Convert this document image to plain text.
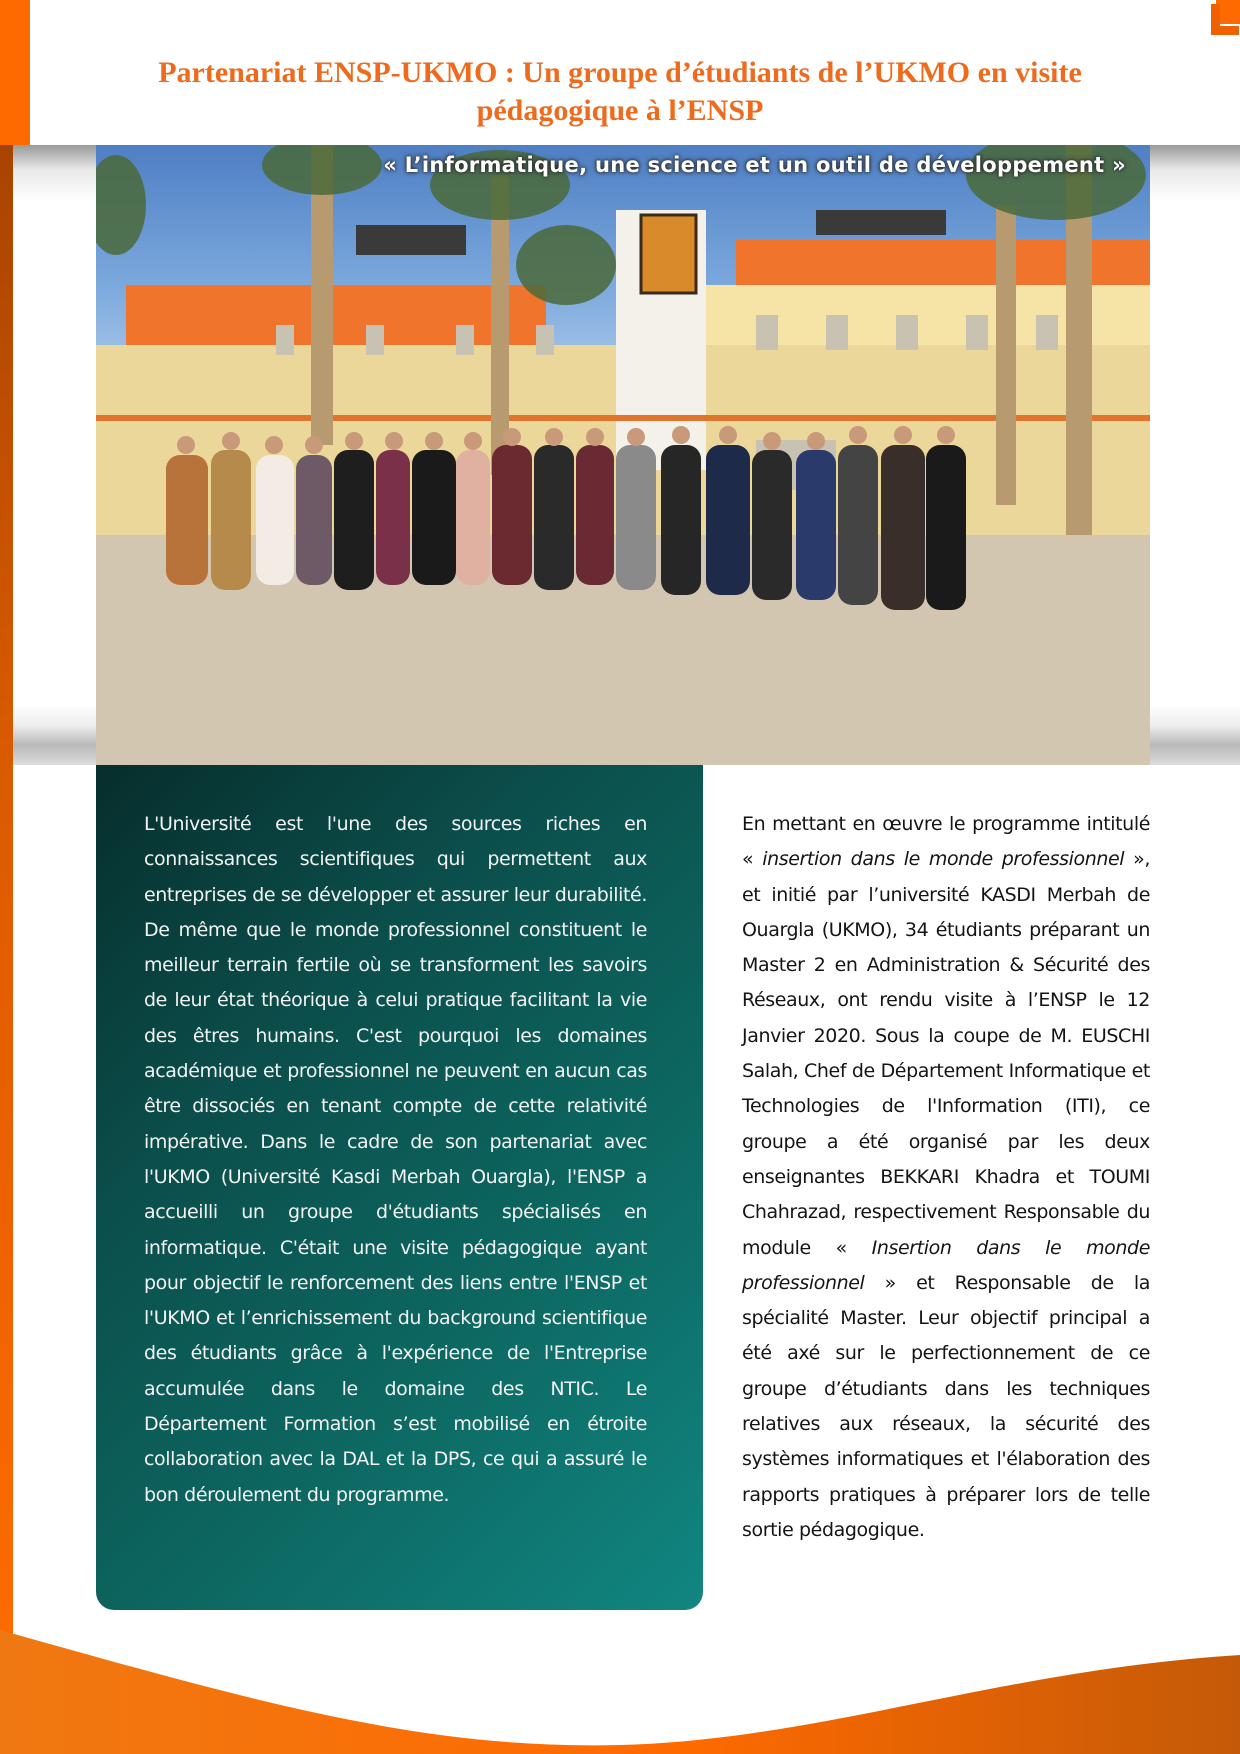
Partenariat ENSP-UKMO : Un groupe d’étudiants de l’UKMO en visite pédagogique à l’ENSP
« L’informatique, une science et un outil de développement »
L'Université est l'une des sources riches en connaissances scientifiques qui permettent aux entreprises de se développer et assurer leur durabilité. De même que le monde professionnel constituent le meilleur terrain fertile où se transforment les savoirs de leur état théorique à celui pratique facilitant la vie des êtres humains. C'est pourquoi les domaines académique et professionnel ne peuvent en aucun cas être dissociés en tenant compte de cette relativité impérative. Dans le cadre de son partenariat avec l'UKMO (Université Kasdi Merbah Ouargla), l'ENSP a accueilli un groupe d'étudiants spécialisés en informatique. C'était une visite pédagogique ayant pour objectif le renforcement des liens entre l'ENSP et l'UKMO et l’enrichissement du background scientifique des étudiants grâce à l'expérience de l'Entreprise accumulée dans le domaine des NTIC. Le Département Formation s’est mobilisé en étroite collaboration avec la DAL et la DPS, ce qui a assuré le bon déroulement du programme.
En mettant en œuvre le programme intitulé « insertion dans le monde professionnel », et initié par l’université KASDI Merbah de Ouargla (UKMO), 34 étudiants préparant un Master 2 en Administration & Sécurité des Réseaux, ont rendu visite à l’ENSP le 12 Janvier 2020. Sous la coupe de M. EUSCHI Salah, Chef de Département Informatique et Technologies de l'Information (ITI), ce groupe a été organisé par les deux enseignantes BEKKARI Khadra et TOUMI Chahrazad, respectivement Responsable du module « Insertion dans le monde professionnel » et Responsable de la spécialité Master. Leur objectif principal a été axé sur le perfectionnement de ce groupe d’étudiants dans les techniques relatives aux réseaux, la sécurité des systèmes informatiques et l'élaboration des rapports pratiques à préparer lors de telle sortie pédagogique.
